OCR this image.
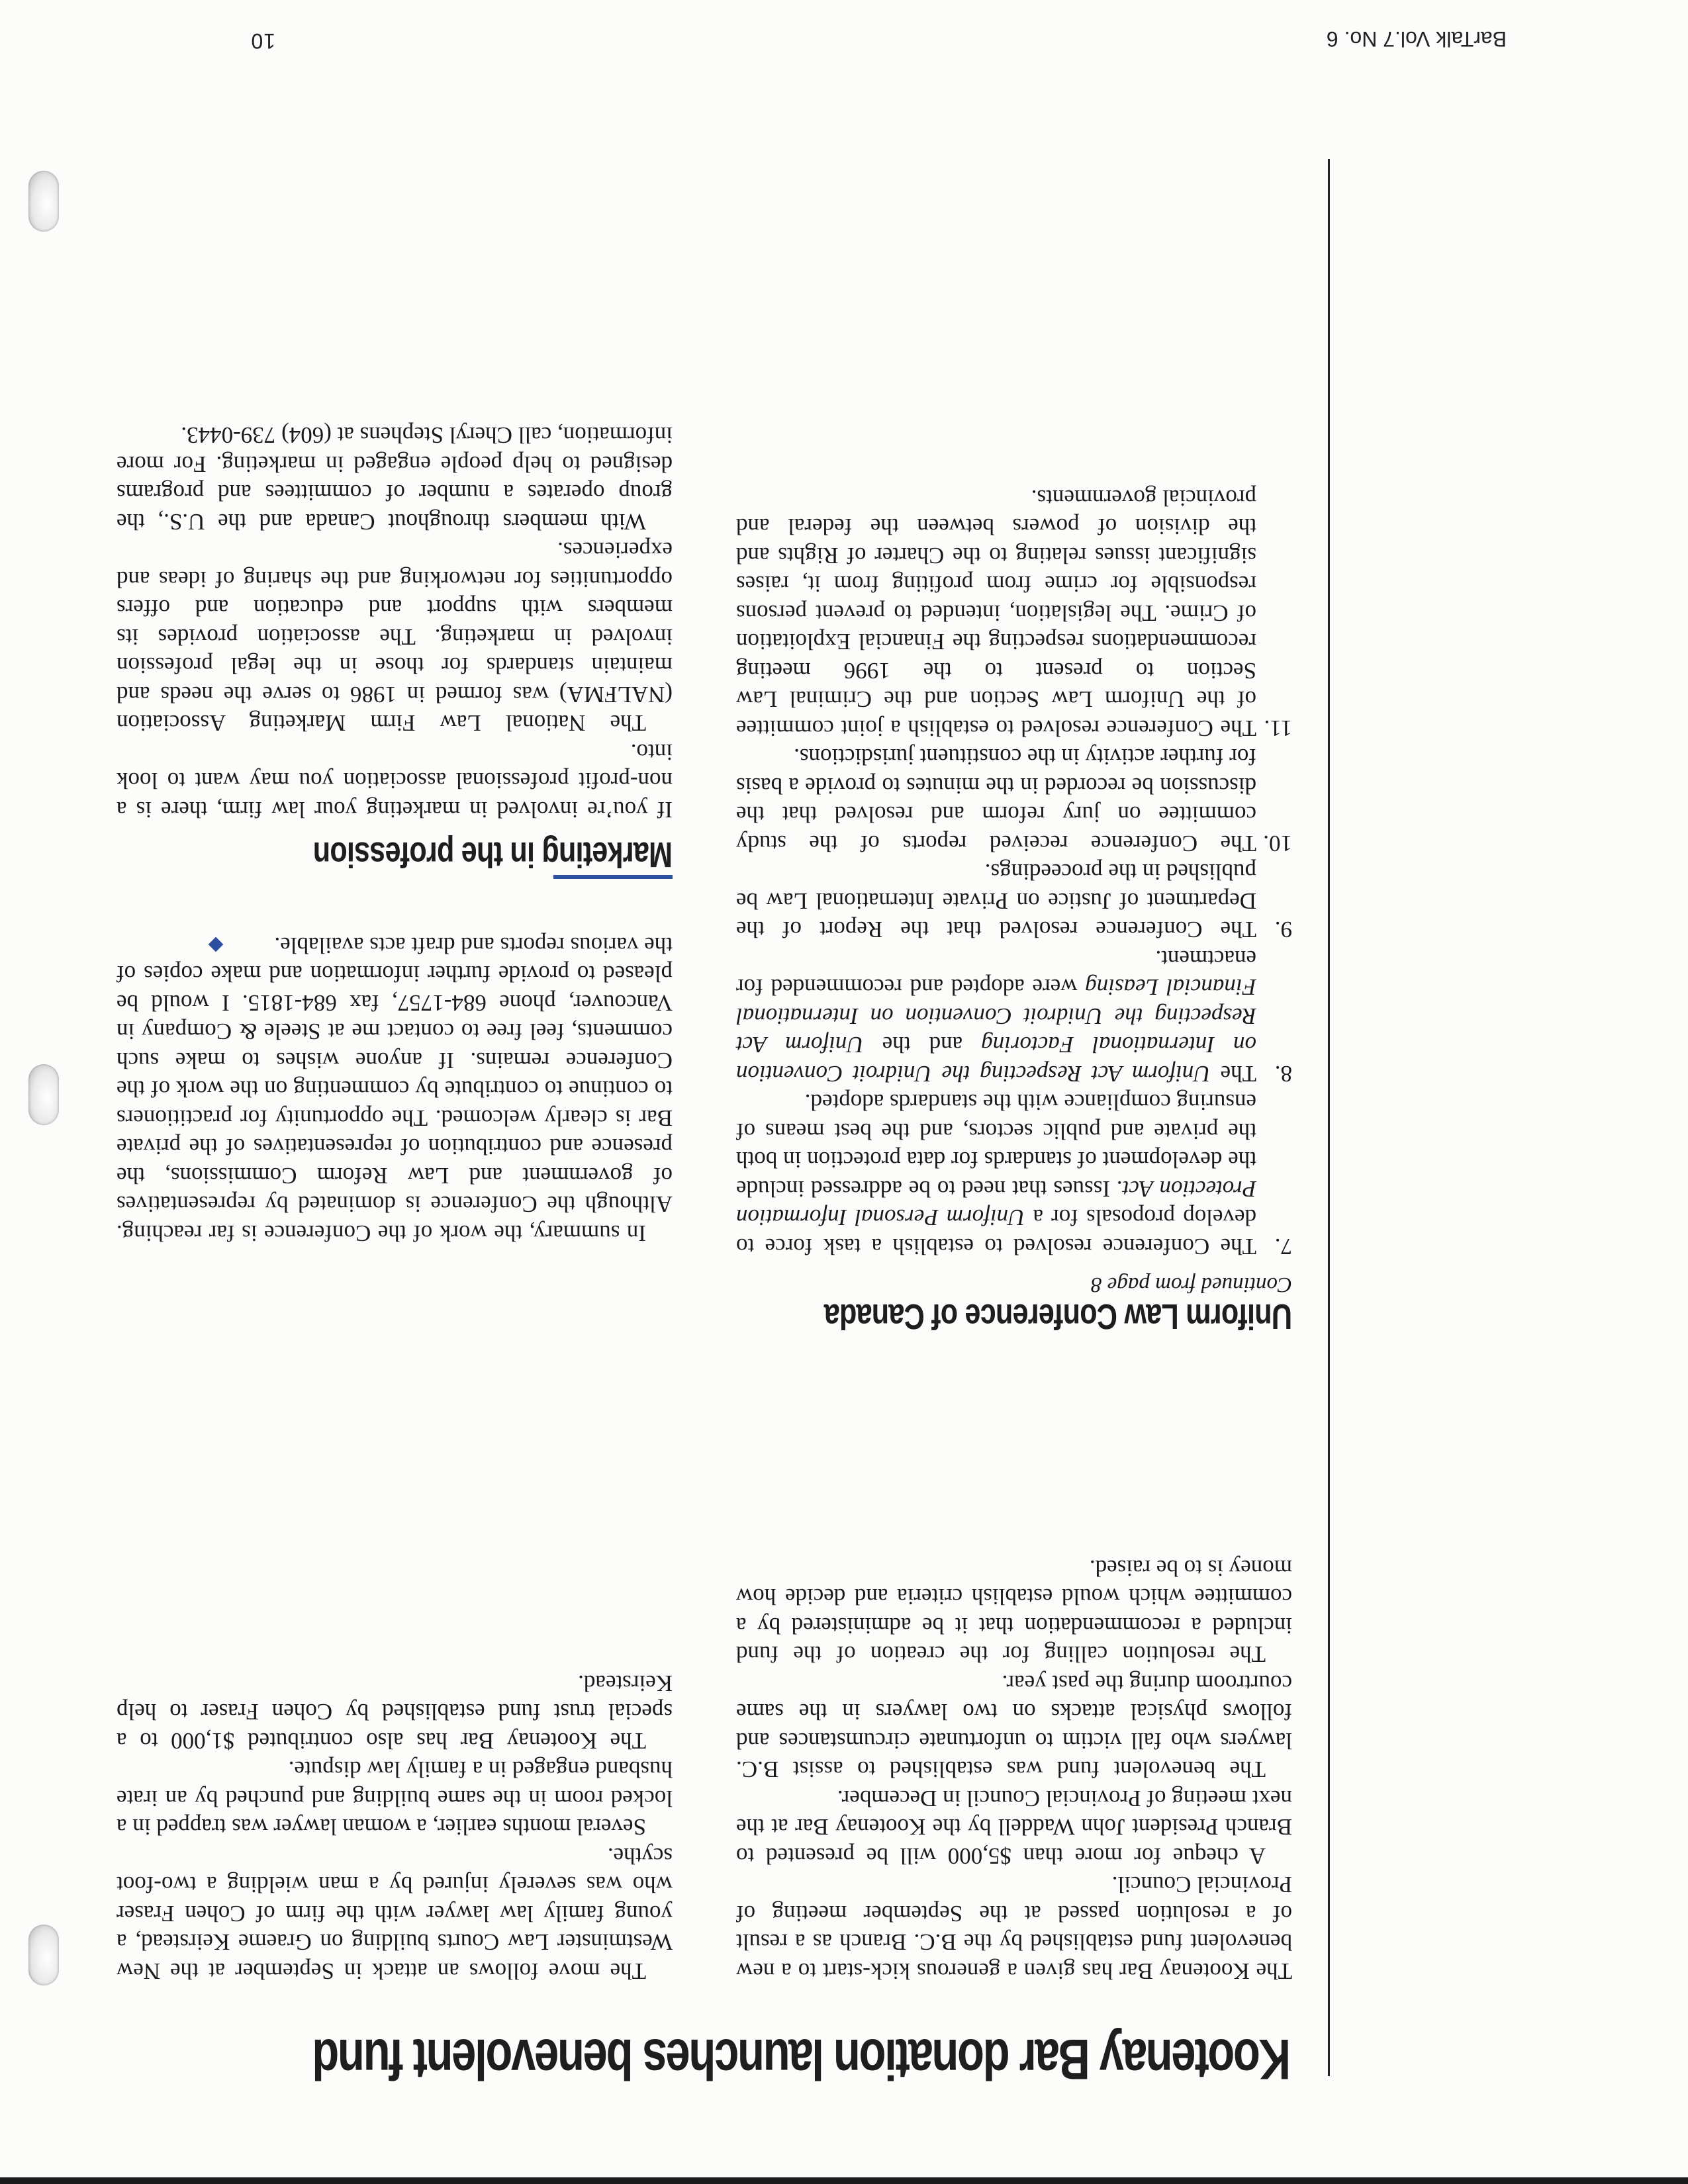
BarTalk Vol.7 No. 6
10
Kootenay Bar donation launches benevolent fund

The Kootenay Bar has given a generous kick-start to a new benevolent fund established by the B.C. Branch as a result of a resolution passed at the September meeting of Provincial Council.

A cheque for more than $5,000 will be presented to Branch President John Waddell by the Kootenay Bar at the next meeting of Provincial Council in December.

The benevolent fund was established to assist B.C. lawyers who fall victim to unfortunate circumstances and follows physical attacks on two lawyers in the same courtroom during the past year.

The resolution calling for the creation of the fund included a recommendation that it be administered by a committee which would establish criteria and decide how money is to be raised.

The move follows an attack in September at the New Westminster Law Courts building on Graeme Keirstead, a young family law lawyer with the firm of Cohen Fraser who was severely injured by a man wielding a two-foot scythe.

Several months earlier, a woman lawyer was trapped in a locked room in the same building and punched by an irate husband engaged in a family law dispute.

The Kootenay Bar has also contributed $1,000 to a special trust fund established by Cohen Fraser to help Keirstead.

Uniform Law Conference of Canada
Continued from page 8
7.
The Conference resolved to establish a task force to develop proposals for a Uniform Personal Information Protection Act. Issues that need to be addressed include the development of standards for data protection in both the private and public sectors, and the best means of ensuring compliance with the standards adopted.
8.
The Uniform Act Respecting the Unidroit Convention on International Factoring and the Uniform Act Respecting the Unidroit Convention on International Financial Leasing were adopted and recommended for enactment.
9.
The Conference resolved that the Report of the Department of Justice on Private International Law be published in the proceedings.
10.
The Conference received reports of the study committee on jury reform and resolved that the discussion be recorded in the minutes to provide a basis for further activity in the constituent jurisdictions.
11.
The Conference resolved to establish a joint committee of the Uniform Law Section and the Criminal Law Section to present to the 1996 meeting recommendations respecting the Financial Exploitation of Crime. The legislation, intended to prevent persons responsible for crime from profiting from it, raises significant issues relating to the Charter of Rights and the division of powers between the federal and provincial governments.

In summary, the work of the Conference is far reaching. Although the Conference is dominated by representatives of government and Law Reform Commissions, the presence and contribution of representatives of the private Bar is clearly welcomed. The opportunity for practitioners to continue to contribute by commenting on the work of the Conference remains. If anyone wishes to make such comments, feel free to contact me at Steele & Company in Vancouver, phone 684-1757, fax 684-1815. I would be pleased to provide further information and make copies of the various reports and draft acts available.

Marketing in the profession

If you’re involved in marketing your law firm, there is a non-profit professional association you may want to look into.

The National Law Firm Marketing Association (NALFMA) was formed in 1986 to serve the needs and maintain standards for those in the legal profession involved in marketing. The association provides its members with support and education and offers opportunities for networking and the sharing of ideas and experiences.

With members throughout Canada and the U.S., the group operates a number of committees and programs designed to help people engaged in marketing. For more information, call Cheryl Stephens at (604) 739-0443.
